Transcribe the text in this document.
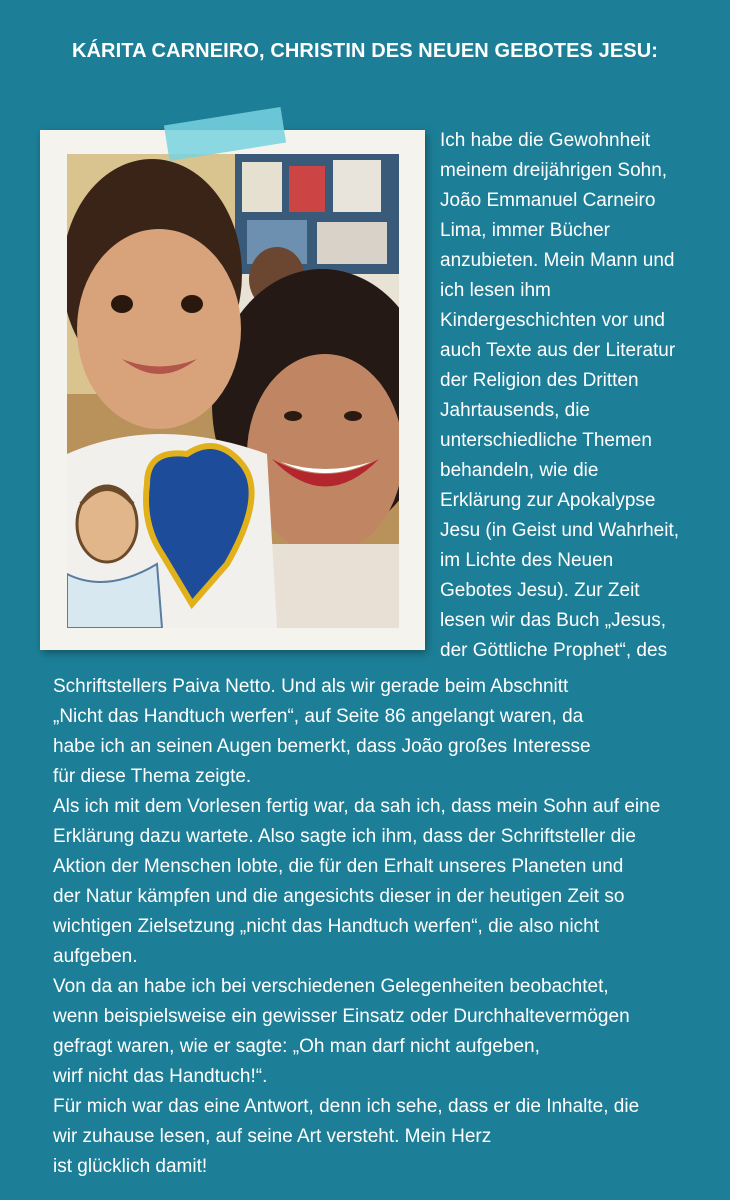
KÁRITA CARNEIRO, CHRISTIN DES NEUEN GEBOTES JESU:
Ich habe die Gewohnheit
meinem dreijährigen Sohn,
João Emmanuel Carneiro
Lima, immer Bücher
anzubieten. Mein Mann und
ich lesen ihm
Kindergeschichten vor und
auch Texte aus der Literatur
der Religion des Dritten
Jahrtausends, die
unterschiedliche Themen
behandeln, wie die
Erklärung zur Apokalypse
Jesu (in Geist und Wahrheit,
im Lichte des Neuen
Gebotes Jesu). Zur Zeit
lesen wir das Buch „Jesus,
der Göttliche Prophet“, des
Schriftstellers Paiva Netto. Und als wir gerade beim Abschnitt
„Nicht das Handtuch werfen“, auf Seite 86 angelangt waren, da
habe ich an seinen Augen bemerkt, dass João großes Interesse
für diese Thema zeigte.
Als ich mit dem Vorlesen fertig war, da sah ich, dass mein Sohn auf eine
Erklärung dazu wartete. Also sagte ich ihm, dass der Schriftsteller die
Aktion der Menschen lobte, die für den Erhalt unseres Planeten und
der Natur kämpfen und die angesichts dieser in der heutigen Zeit so
wichtigen Zielsetzung „nicht das Handtuch werfen“, die also nicht
aufgeben.
Von da an habe ich bei verschiedenen Gelegenheiten beobachtet,
wenn beispielsweise ein gewisser Einsatz oder Durchhaltevermögen
gefragt waren, wie er sagte: „Oh man darf nicht aufgeben,
wirf nicht das Handtuch!“.
Für mich war das eine Antwort, denn ich sehe, dass er die Inhalte, die
wir zuhause lesen, auf seine Art versteht. Mein Herz
ist glücklich damit!
